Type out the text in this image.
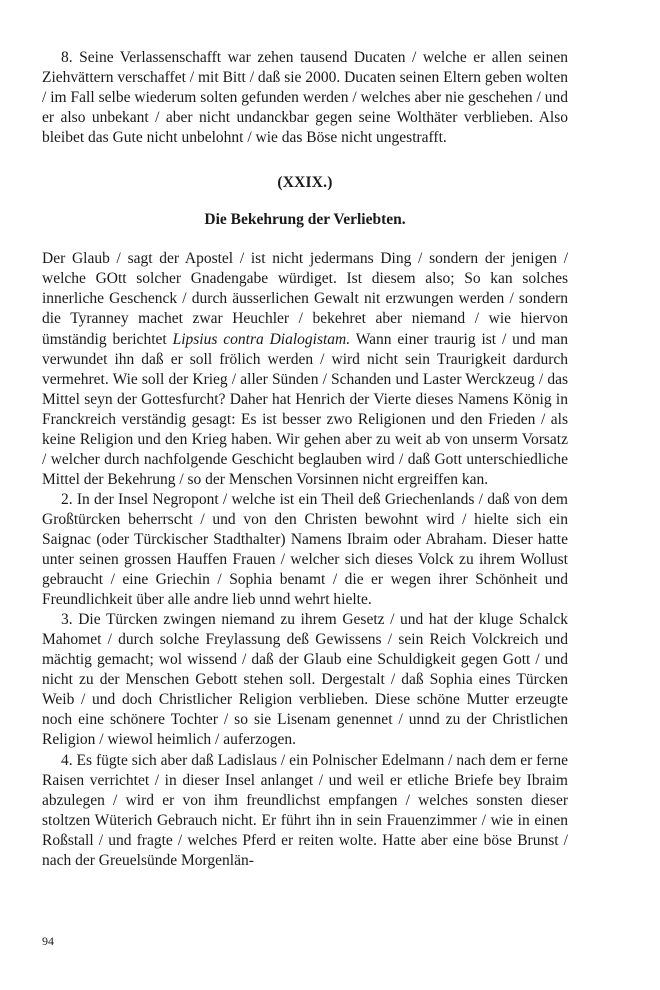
8. Seine Verlassenschafft war zehen tausend Ducaten / welche er allen seinen Ziehvättern verschaffet / mit Bitt / daß sie 2000. Ducaten seinen Eltern geben wolten / im Fall selbe wiederum solten gefunden werden / welches aber nie geschehen / und er also unbekant / aber nicht undanckbar gegen seine Wolthäter verblieben. Also bleibet das Gute nicht unbelohnt / wie das Böse nicht ungestrafft.

(XXIX.)
Die Bekehrung der Verliebten.

Der Glaub / sagt der Apostel / ist nicht jedermans Ding / sondern der jenigen / welche GOtt solcher Gnadengabe würdiget. Ist diesem also; So kan solches innerliche Geschenck / durch äusserlichen Gewalt nit erzwungen werden / sondern die Tyranney machet zwar Heuchler / bekehret aber niemand / wie hiervon ümständig berichtet Lipsius contra Dialogistam. Wann einer traurig ist / und man verwundet ihn daß er soll frölich werden / wird nicht sein Traurigkeit dardurch vermehret. Wie soll der Krieg / aller Sünden / Schanden und Laster Werckzeug / das Mittel seyn der Gottesfurcht? Daher hat Henrich der Vierte dieses Namens König in Franckreich verständig gesagt: Es ist besser zwo Religionen und den Frieden / als keine Religion und den Krieg haben. Wir gehen aber zu weit ab von unserm Vorsatz / welcher durch nachfolgende Geschicht beglauben wird / daß Gott unterschiedliche Mittel der Bekehrung / so der Menschen Vorsinnen nicht ergreiffen kan.

2. In der Insel Negropont / welche ist ein Theil deß Griechenlands / daß von dem Großtürcken beherrscht / und von den Christen bewohnt wird / hielte sich ein Saignac (oder Türckischer Stadthalter) Namens Ibraim oder Abraham. Dieser hatte unter seinen grossen Hauffen Frauen / welcher sich dieses Volck zu ihrem Wollust gebraucht / eine Griechin / Sophia benamt / die er wegen ihrer Schönheit und Freundlichkeit über alle andre lieb unnd wehrt hielte.

3. Die Türcken zwingen niemand zu ihrem Gesetz / und hat der kluge Schalck Mahomet / durch solche Freylassung deß Gewissens / sein Reich Volckreich und mächtig gemacht; wol wissend / daß der Glaub eine Schuldigkeit gegen Gott / und nicht zu der Menschen Gebott stehen soll. Dergestalt / daß Sophia eines Türcken Weib / und doch Christlicher Religion verblieben. Diese schöne Mutter erzeugte noch eine schönere Tochter / so sie Lisenam genennet / unnd zu der Christlichen Religion / wiewol heimlich / auferzogen.

4. Es fügte sich aber daß Ladislaus / ein Polnischer Edelmann / nach dem er ferne Raisen verrichtet / in dieser Insel anlanget / und weil er etliche Briefe bey Ibraim abzulegen / wird er von ihm freundlichst empfangen / welches sonsten dieser stoltzen Wüterich Gebrauch nicht. Er führt ihn in sein Frauenzimmer / wie in einen Roßstall / und fragte / welches Pferd er reiten wolte. Hatte aber eine böse Brunst / nach der Greuelsünde Morgenlän-

94
